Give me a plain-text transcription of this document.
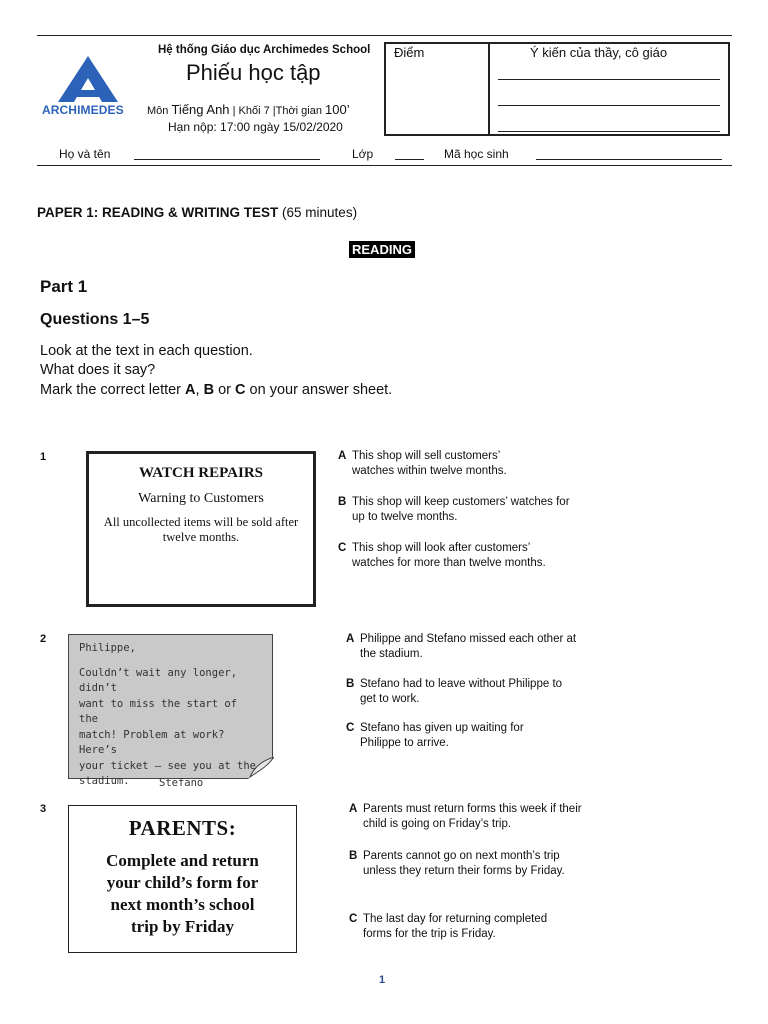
ARCHIMEDES
Hệ thống Giáo dục Archimedes School
Phiếu học tập
Môn Tiếng Anh | Khối 7 |Thời gian 100’
Hạn nộp: 17:00 ngày 15/02/2020
Điểm	Ý kiến của thầy, cô giáo
Họ và tên	Lớp	Mã học sinh
PAPER 1: READING & WRITING TEST (65 minutes)
READING
Part 1
Questions 1–5
Look at the text in each question.
What does it say?
Mark the correct letter A, B or C on your answer sheet.
1
WATCH REPAIRS
Warning to Customers
All uncollected items will be sold after twelve months.
A This shop will sell customers’ watches within twelve months.
B This shop will keep customers’ watches for up to twelve months.
C This shop will look after customers’ watches for more than twelve months.
2
Philippe,
Couldn’t wait any longer, didn’t
want to miss the start of the
match! Problem at work? Here’s
your ticket – see you at the
stadium.	Stefano
A Philippe and Stefano missed each other at the stadium.
B Stefano had to leave without Philippe to get to work.
C Stefano has given up waiting for Philippe to arrive.
3
PARENTS:
Complete and return
your child’s form for
next month’s school
trip by Friday
A Parents must return forms this week if their child is going on Friday’s trip.
B Parents cannot go on next month’s trip unless they return their forms by Friday.
C The last day for returning completed forms for the trip is Friday.
1
